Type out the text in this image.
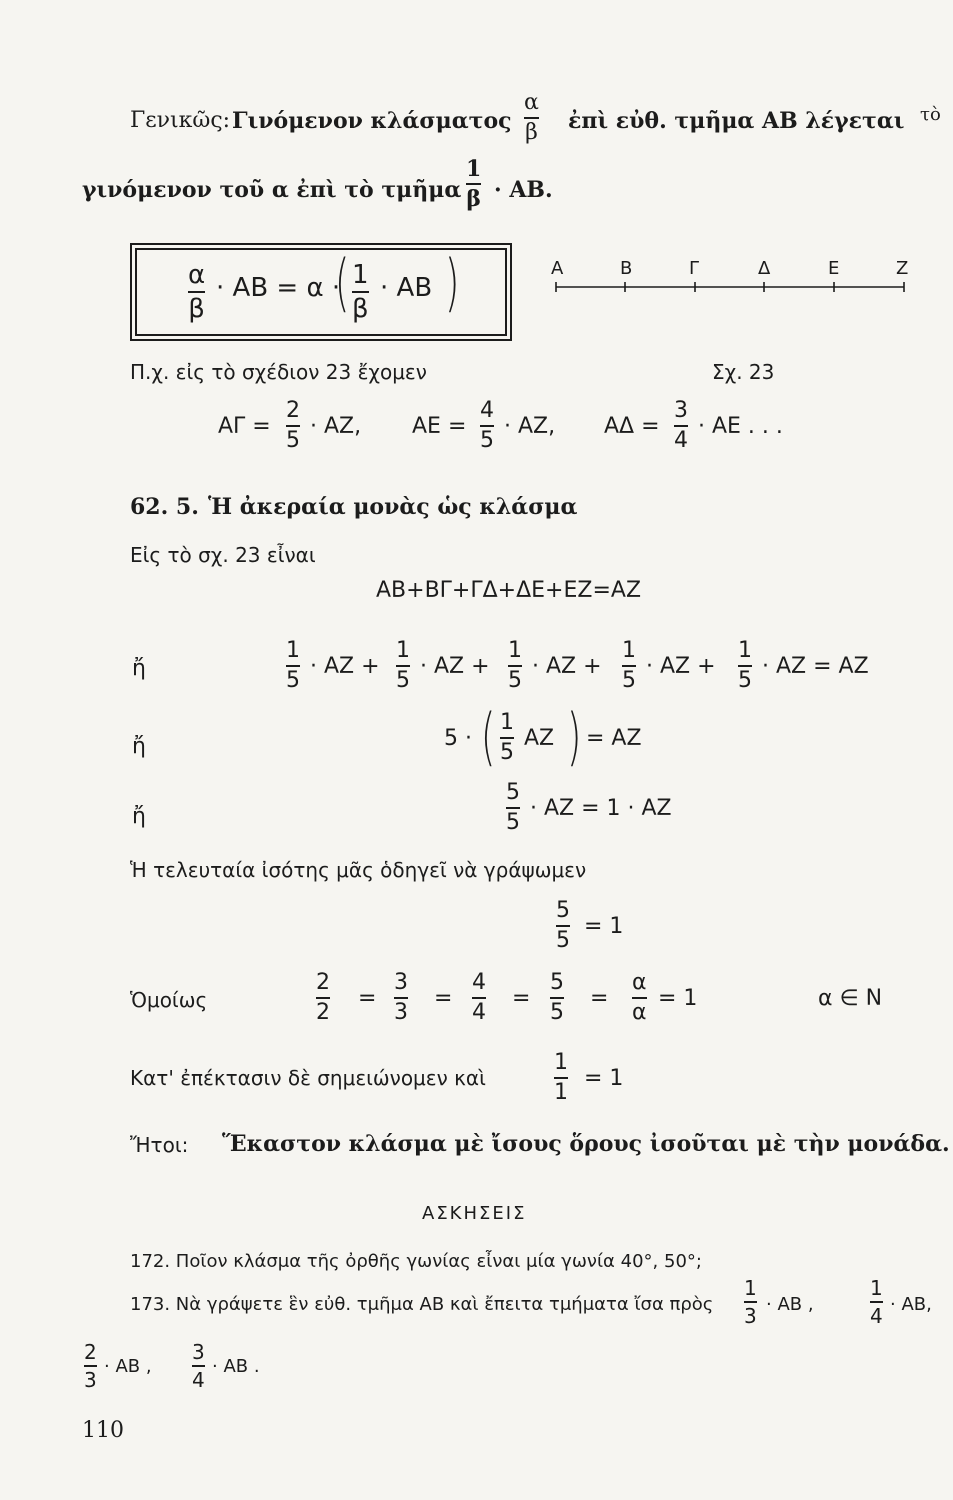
Γενικῶς: Γινόμενον κλάσματος
α
β ἐπὶ εὐθ. τμῆμα ΑΒ λέγεται τὸ
γινόμενον τοῦ α ἐπὶ τὸ τμῆμα
1
β · ΑΒ.
α
β
· ΑΒ = α ·
( 1
β
· ΑΒ )	Α	Β	Γ	Δ	Ε	Ζ
Σχ. 23
Π.χ. εἰς τὸ σχέδιον 23 ἔχομεν
ΑΓ =
2
5
· ΑΖ, ΑΕ =
4
5
· ΑΖ, ΑΔ =
3
4
· ΑΕ . . .
62. 5. Ἡ ἀκεραία μονὰς ὡς κλάσμα
Εἰς τὸ σχ. 23 εἶναι
ΑΒ+ΒΓ+ΓΔ+ΔΕ+ΕΖ=ΑΖ
ἤ
1
5
· ΑΖ +
1
5
· ΑΖ +
1
5
· ΑΖ +
1
5
· ΑΖ +
1
5
· ΑΖ = ΑΖ
ἤ	5 · ( 1
5
ΑΖ ) = ΑΖ
ἤ
5
5
· ΑΖ = 1 · ΑΖ
Ἡ τελευταία ἰσότης μᾶς ὁδηγεῖ νὰ γράψωμεν
5
5
= 1
Ὁμοίως
2
2
=
3
3
=
4
4
=
5
5
=
α
α
= 1	α ∈ Ν
Κατ' ἐπέκτασιν δὲ σημειώνομεν καὶ
1
1
= 1
Ἤτοι: Ἕκαστον κλάσμα μὲ ἴσους ὅρους ἰσοῦται μὲ τὴν μονάδα.
ΑΣΚΗΣΕΙΣ
172. Ποῖον κλάσμα τῆς ὀρθῆς γωνίας εἶναι μία γωνία 40°, 50°;
173. Νὰ γράψετε ἓν εὐθ. τμῆμα ΑΒ καὶ ἔπειτα τμήματα ἴσα πρὸς
1
3 · ΑΒ ,
1
4 · ΑΒ,
2
3
· ΑΒ ,
3
4
· ΑΒ .
110
